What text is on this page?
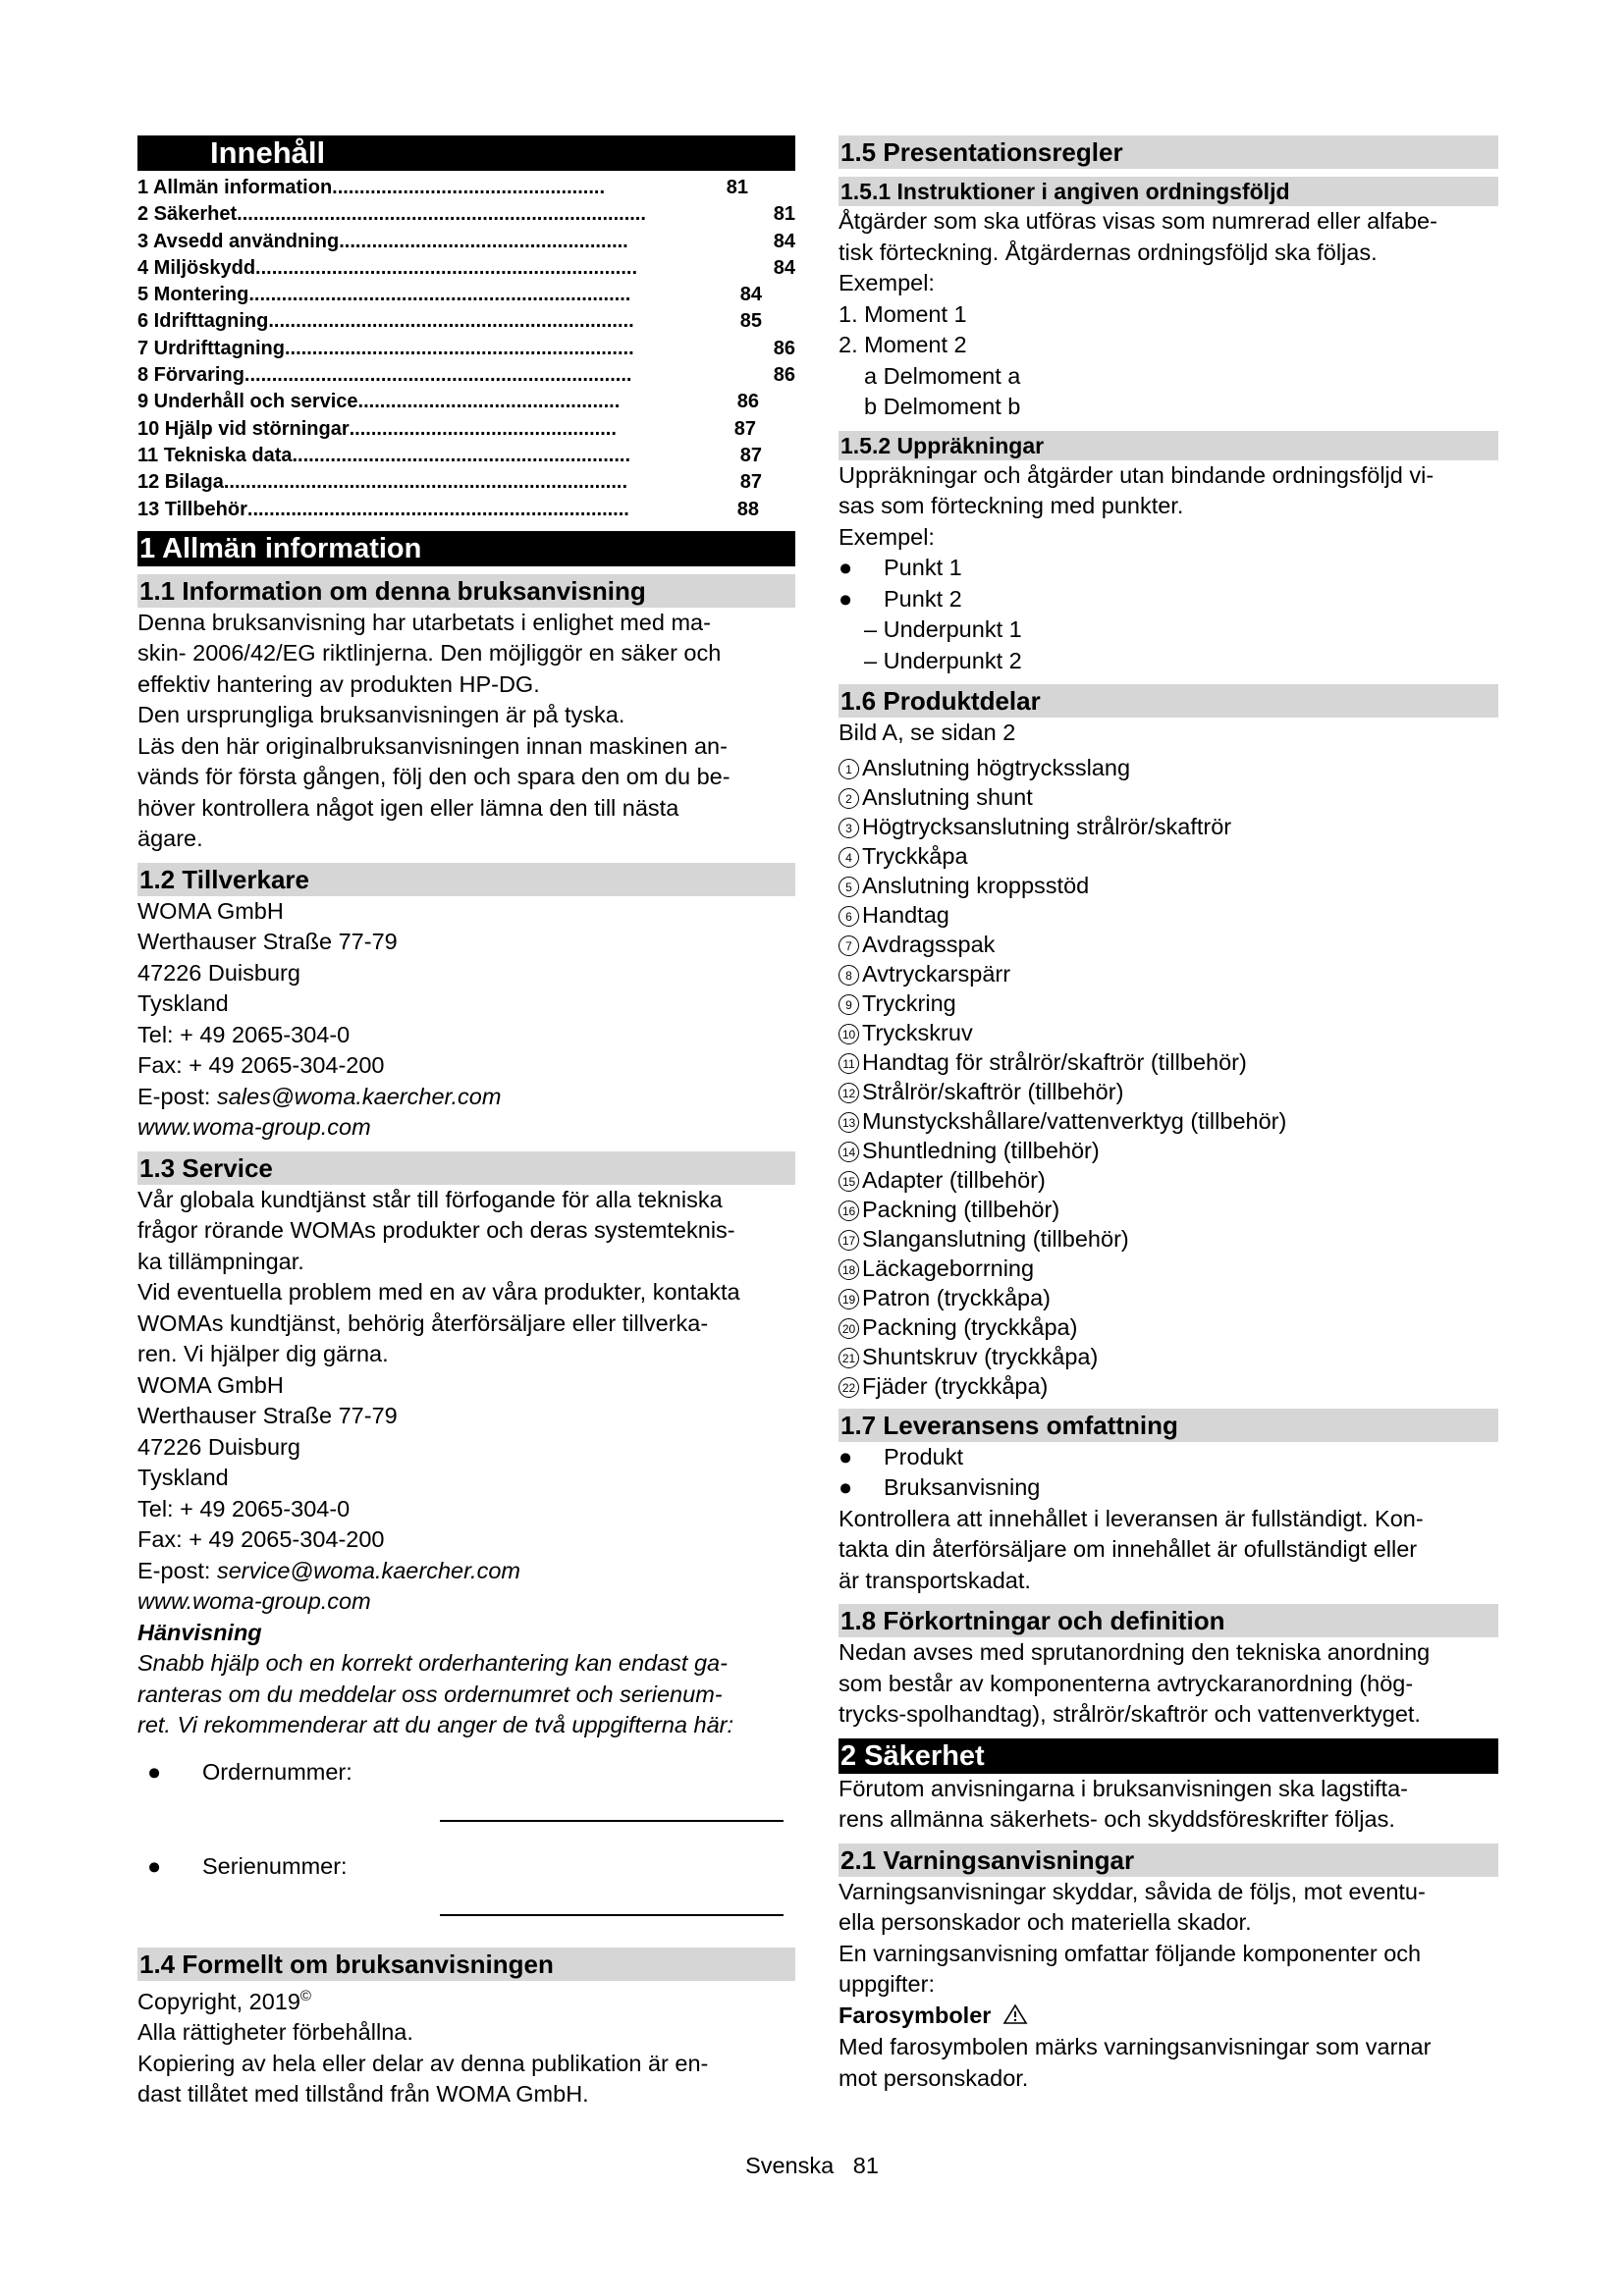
Innehåll
1 Allmän information ..................................................	81
2 Säkerhet ...........................................................................	81
3 Avsedd användning .....................................................	84
4 Miljöskydd ......................................................................	84
5 Montering ......................................................................	84
6 Idrifttagning ...................................................................	85
7 Urdrifttagning ................................................................	86
8 Förvaring .......................................................................	86
9 Underhåll och service ................................................	86
10 Hjälp vid störningar .................................................	87
11 Tekniska data ..............................................................	87
12 Bilaga ..........................................................................	87
13 Tillbehör ......................................................................	88
1 Allmän information
1.1 Information om denna bruksanvisning

Denna bruksanvisning har utarbetats i enlighet med ma-

skin- 2006/42/EG riktlinjerna. Den möjliggör en säker och

effektiv hantering av produkten HP-DG.

Den ursprungliga bruksanvisningen är på tyska.

Läs den här originalbruksanvisningen innan maskinen an-

vänds för första gången, följ den och spara den om du be-

höver kontrollera något igen eller lämna den till nästa

ägare.

1.2 Tillverkare

WOMA GmbH

Werthauser Straße 77-79

47226 Duisburg

Tyskland

Tel: + 49 2065-304-0

Fax: + 49 2065-304-200

E-post: sales@woma.kaercher.com

www.woma-group.com

1.3 Service

Vår globala kundtjänst står till förfogande för alla tekniska

frågor rörande WOMAs produkter och deras systemteknis-

ka tillämpningar.

Vid eventuella problem med en av våra produkter, kontakta

WOMAs kundtjänst, behörig återförsäljare eller tillverka-

ren. Vi hjälper dig gärna.

WOMA GmbH

Werthauser Straße 77-79

47226 Duisburg

Tyskland

Tel: + 49 2065-304-0

Fax: + 49 2065-304-200

E-post: service@woma.kaercher.com

www.woma-group.com

Hänvisning

Snabb hjälp och en korrekt orderhantering kan endast ga-

ranteras om du meddelar oss ordernumret och serienum-

ret. Vi rekommenderar att du anger de två uppgifterna här:

●	Ordernummer:
●	Serienummer:
1.4 Formellt om bruksanvisningen

Copyright, 2019©

Alla rättigheter förbehållna.

Kopiering av hela eller delar av denna publikation är en-

dast tillåtet med tillstånd från WOMA GmbH.

1.5 Presentationsregler
1.5.1 Instruktioner i angiven ordningsföljd

Åtgärder som ska utföras visas som numrerad eller alfabe-

tisk förteckning. Åtgärdernas ordningsföljd ska följas.

Exempel:

1. Moment 1

2. Moment 2

a Delmoment a

b Delmoment b

1.5.2 Uppräkningar

Uppräkningar och åtgärder utan bindande ordningsföljd vi-

sas som förteckning med punkter.

Exempel:

●	Punkt 1
●	Punkt 2

– Underpunkt 1

– Underpunkt 2

1.6 Produktdelar

Bild A, se sidan 2

1 Anslutning högtrycksslang

2 Anslutning shunt

3 Högtrycksanslutning strålrör/skaftrör

4 Tryckkåpa

5 Anslutning kroppsstöd

6 Handtag

7 Avdragsspak

8 Avtryckarspärr

9 Tryckring

10 Tryckskruv

11 Handtag för strålrör/skaftrör (tillbehör)

12 Strålrör/skaftrör (tillbehör)

13 Munstyckshållare/vattenverktyg (tillbehör)

14 Shuntledning (tillbehör)

15 Adapter (tillbehör)

16 Packning (tillbehör)

17 Slanganslutning (tillbehör)

18 Läckageborrning

19 Patron (tryckkåpa)

20 Packning (tryckkåpa)

21 Shuntskruv (tryckkåpa)

22 Fjäder (tryckkåpa)

1.7 Leveransens omfattning
●	Produkt
●	Bruksanvisning

Kontrollera att innehållet i leveransen är fullständigt. Kon-

takta din återförsäljare om innehållet är ofullständigt eller

är transportskadat.

1.8 Förkortningar och definition

Nedan avses med sprutanordning den tekniska anordning

som består av komponenterna avtryckaranordning (hög-

trycks-spolhandtag), strålrör/skaftrör och vattenverktyget.

2 Säkerhet

Förutom anvisningarna i bruksanvisningen ska lagstifta-

rens allmänna säkerhets- och skyddsföreskrifter följas.

2.1 Varningsanvisningar

Varningsanvisningar skyddar, såvida de följs, mot eventu-

ella personskador och materiella skador.

En varningsanvisning omfattar följande komponenter och

uppgifter:

Farosymboler

Med farosymbolen märks varningsanvisningar som varnar

mot personskador.

Svenska 81
